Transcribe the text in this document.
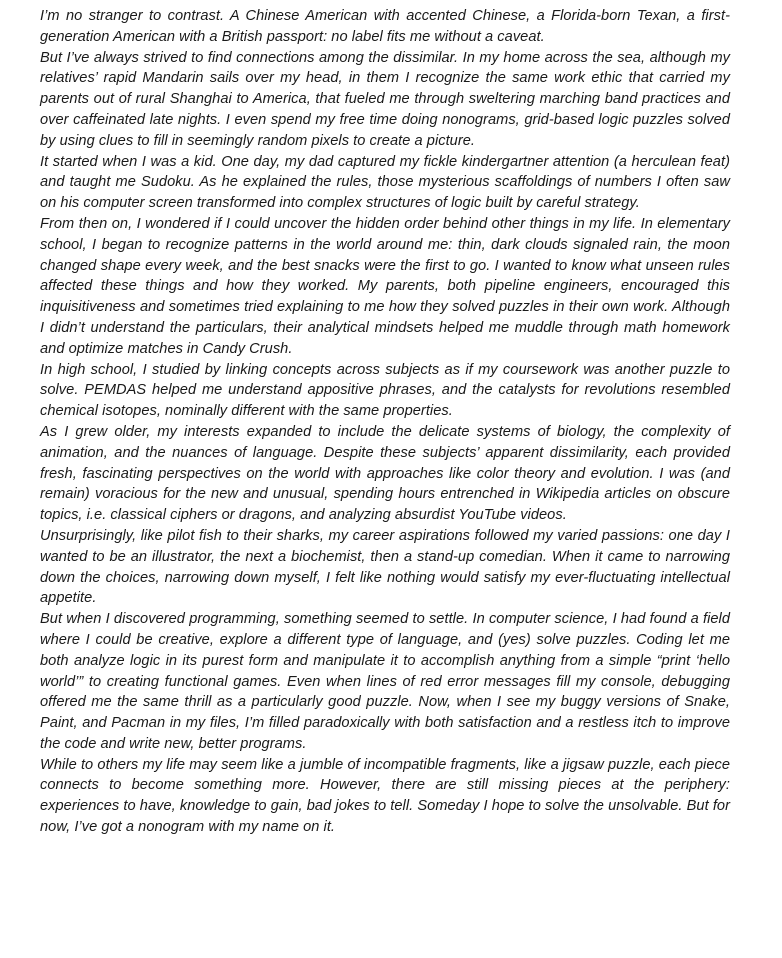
I’m no stranger to contrast. A Chinese American with accented Chinese, a Florida-born Texan, a first-generation American with a British passport: no label fits me without a caveat.

But I’ve always strived to find connections among the dissimilar. In my home across the sea, although my relatives’ rapid Mandarin sails over my head, in them I recognize the same work ethic that carried my parents out of rural Shanghai to America, that fueled me through sweltering marching band practices and over caffeinated late nights. I even spend my free time doing nonograms, grid-based logic puzzles solved by using clues to fill in seemingly random pixels to create a picture.

It started when I was a kid. One day, my dad captured my fickle kindergartner attention (a herculean feat) and taught me Sudoku. As he explained the rules, those mysterious scaffoldings of numbers I often saw on his computer screen transformed into complex structures of logic built by careful strategy.

From then on, I wondered if I could uncover the hidden order behind other things in my life. In elementary school, I began to recognize patterns in the world around me: thin, dark clouds signaled rain, the moon changed shape every week, and the best snacks were the first to go. I wanted to know what unseen rules affected these things and how they worked. My parents, both pipeline engineers, encouraged this inquisitiveness and sometimes tried explaining to me how they solved puzzles in their own work. Although I didn’t understand the particulars, their analytical mindsets helped me muddle through math homework and optimize matches in Candy Crush.

In high school, I studied by linking concepts across subjects as if my coursework was another puzzle to solve. PEMDAS helped me understand appositive phrases, and the catalysts for revolutions resembled chemical isotopes, nominally different with the same properties.

As I grew older, my interests expanded to include the delicate systems of biology, the complexity of animation, and the nuances of language. Despite these subjects’ apparent dissimilarity, each provided fresh, fascinating perspectives on the world with approaches like color theory and evolution. I was (and remain) voracious for the new and unusual, spending hours entrenched in Wikipedia articles on obscure topics, i.e. classical ciphers or dragons, and analyzing absurdist YouTube videos.

Unsurprisingly, like pilot fish to their sharks, my career aspirations followed my varied passions: one day I wanted to be an illustrator, the next a biochemist, then a stand-up comedian. When it came to narrowing down the choices, narrowing down myself, I felt like nothing would satisfy my ever-fluctuating intellectual appetite.

But when I discovered programming, something seemed to settle. In computer science, I had found a field where I could be creative, explore a different type of language, and (yes) solve puzzles. Coding let me both analyze logic in its purest form and manipulate it to accomplish anything from a simple “print ‘hello world’” to creating functional games. Even when lines of red error messages fill my console, debugging offered me the same thrill as a particularly good puzzle. Now, when I see my buggy versions of Snake, Paint, and Pacman in my files, I’m filled paradoxically with both satisfaction and a restless itch to improve the code and write new, better programs.

While to others my life may seem like a jumble of incompatible fragments, like a jigsaw puzzle, each piece connects to become something more. However, there are still missing pieces at the periphery: experiences to have, knowledge to gain, bad jokes to tell. Someday I hope to solve the unsolvable. But for now, I’ve got a nonogram with my name on it.
